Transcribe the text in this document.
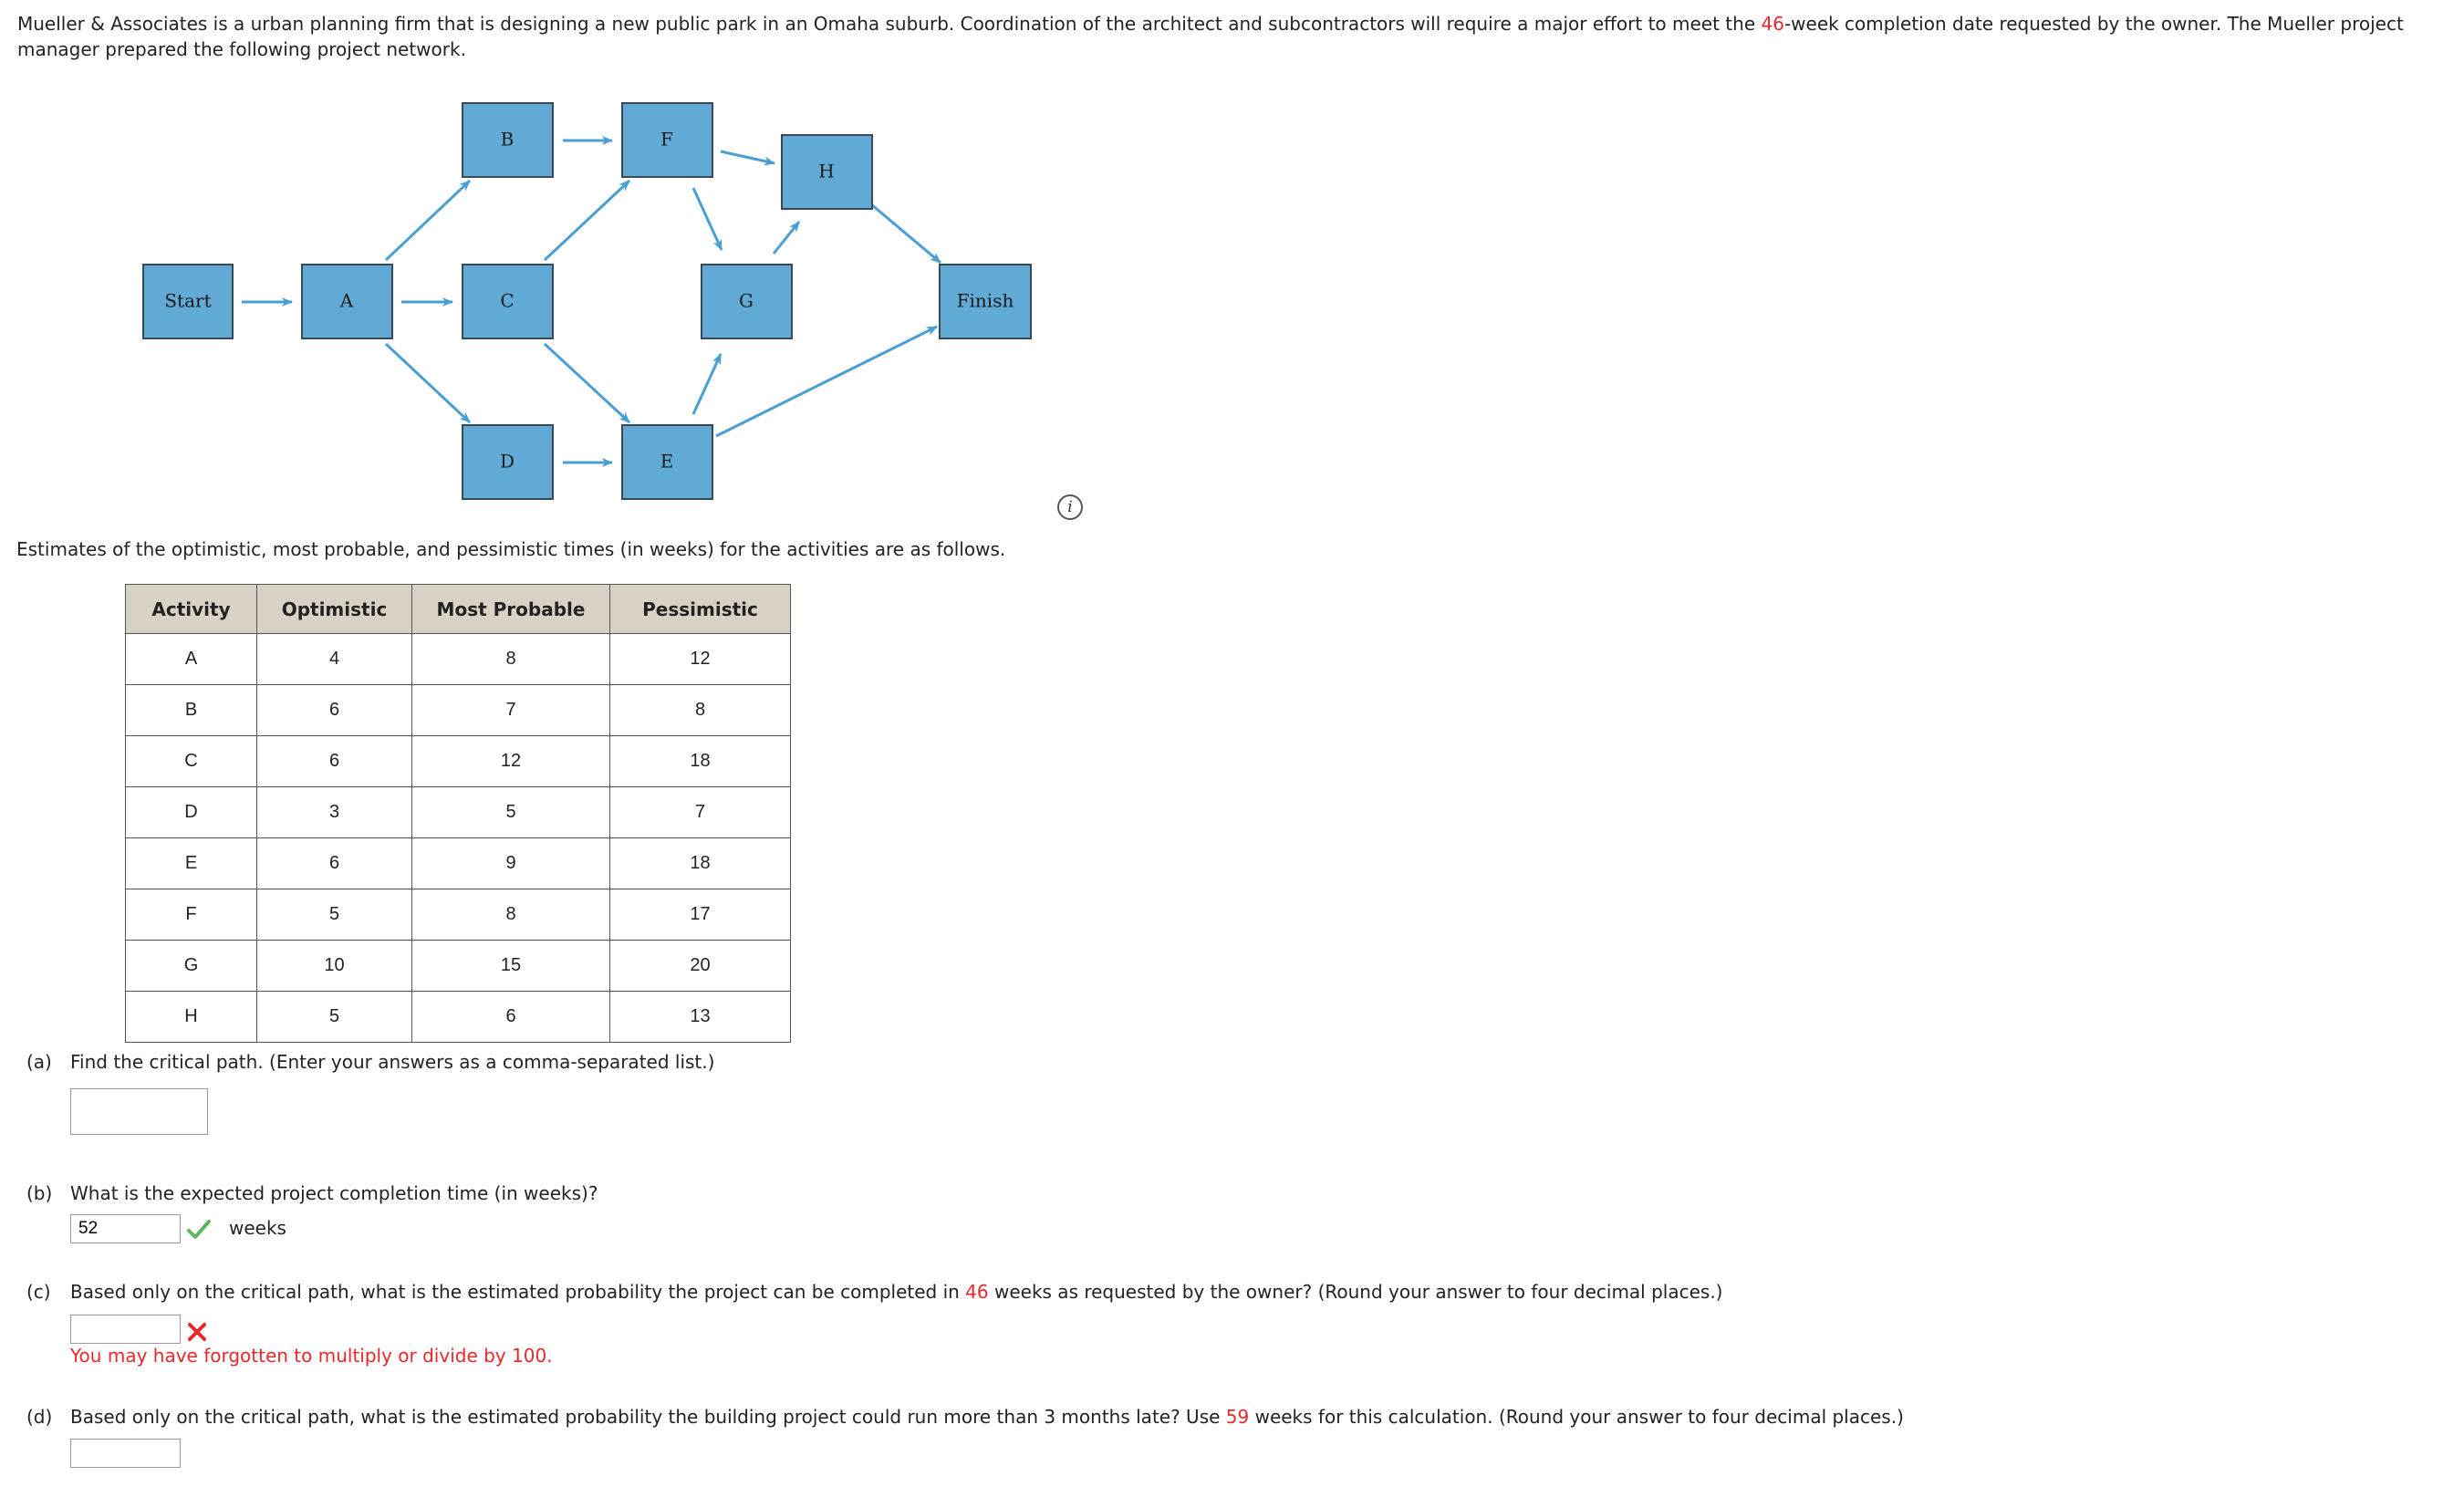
Mueller & Associates is a urban planning firm that is designing a new public park in an Omaha suburb. Coordination of the architect and subcontractors will require a major effort to meet the 46-week completion date requested by the owner. The Mueller project manager prepared the following project network.
Start	A
B
C
D
F
E
G
H
Finish
i
Estimates of the optimistic, most probable, and pessimistic times (in weeks) for the activities are as follows.
Activity	Optimistic	Most Probable	Pessimistic
A	4	8	12
B	6	7	8
C	6	12	18
D	3	5	7
E	6	9	18
F	5	8	17
G	10	15	20
H	5	6	13
(a) Find the critical path. (Enter your answers as a comma-separated list.)
(b) What is the expected project completion time (in weeks)?
52
weeks
(c) Based only on the critical path, what is the estimated probability the project can be completed in 46 weeks as requested by the owner? (Round your answer to four decimal places.)
You may have forgotten to multiply or divide by 100.
(d) Based only on the critical path, what is the estimated probability the building project could run more than 3 months late? Use 59 weeks for this calculation. (Round your answer to four decimal places.)
